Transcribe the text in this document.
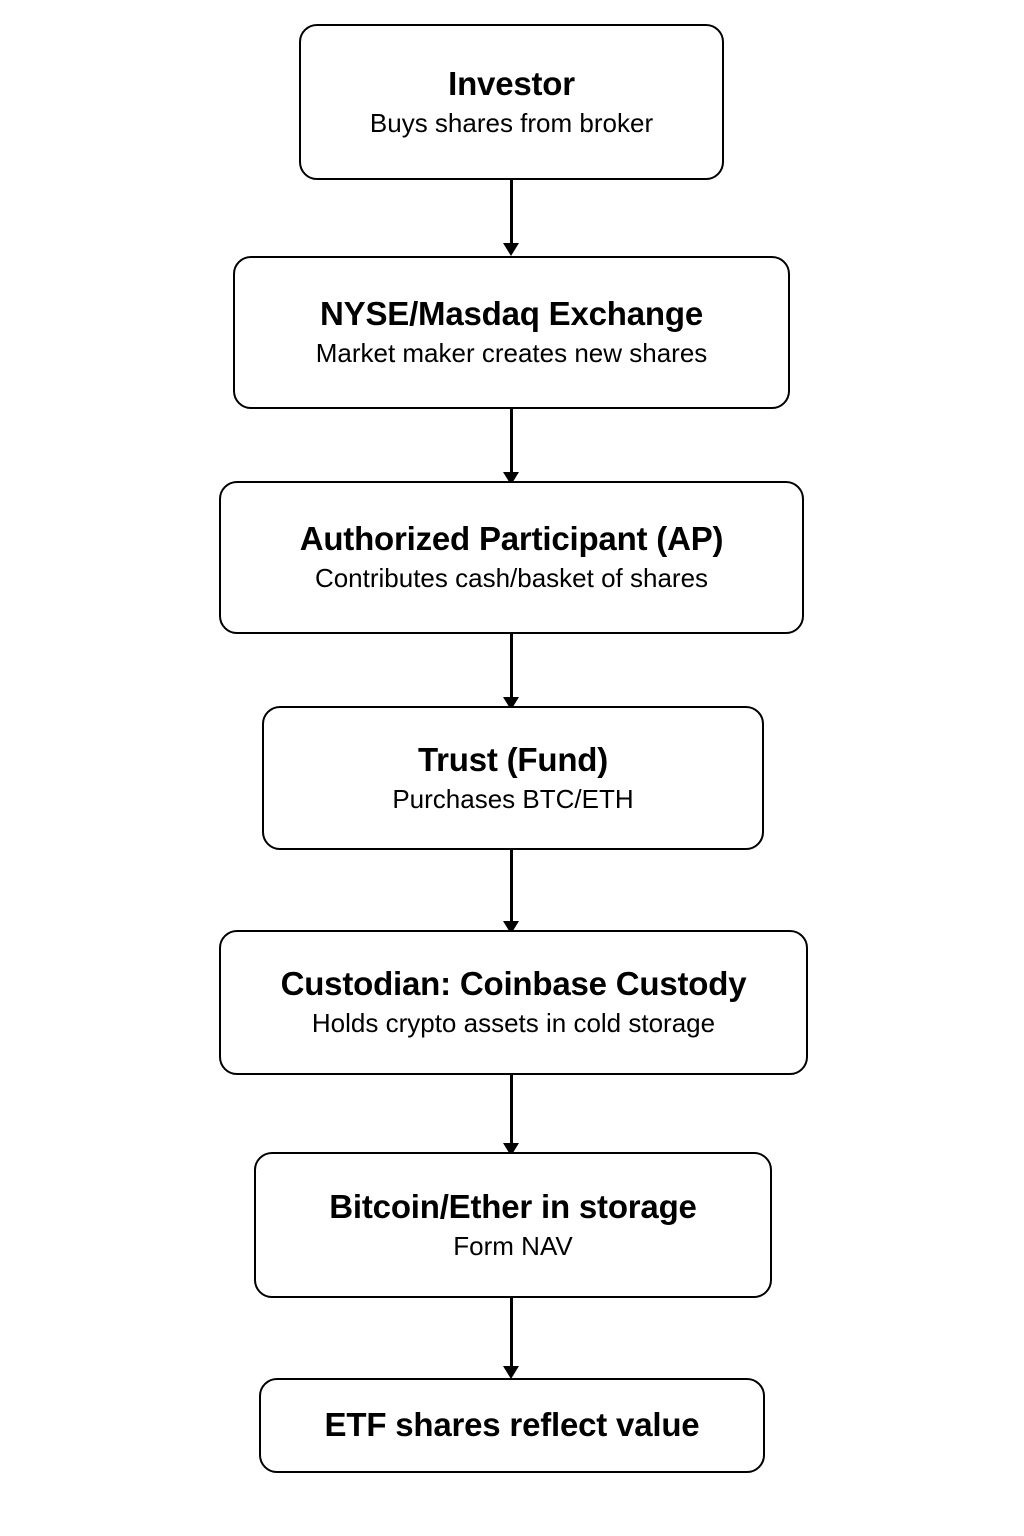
Investor
Buys shares from broker
NYSE/Masdaq Exchange
Market maker creates new shares
Authorized Participant (AP)
Contributes cash/basket of shares
Trust (Fund)
Purchases BTC/ETH
Custodian: Coinbase Custody
Holds crypto assets in cold storage
Bitcoin/Ether in storage
Form NAV
ETF shares reflect value
